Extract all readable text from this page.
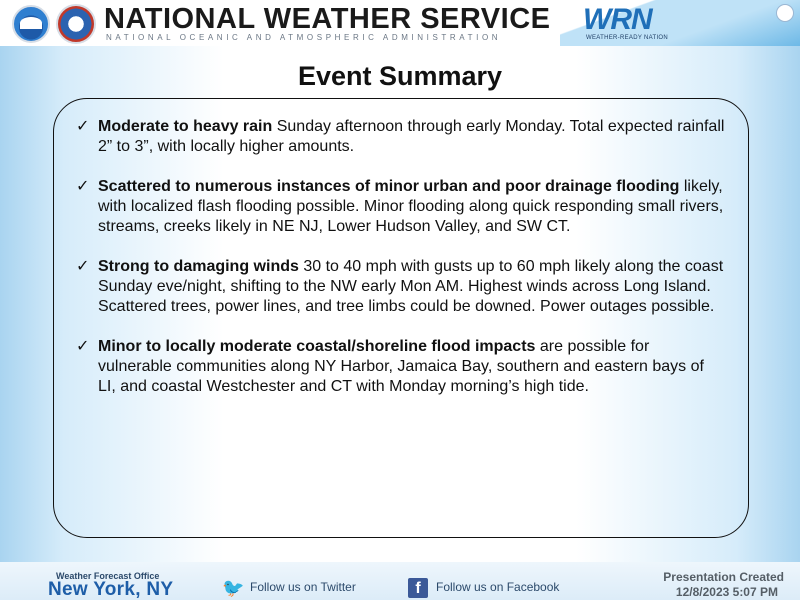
NATIONAL WEATHER SERVICE
NATIONAL OCEANIC AND ATMOSPHERIC ADMINISTRATION
WRN
WEATHER-READY NATION
Event Summary
✓ Moderate to heavy rain Sunday afternoon through early Monday. Total expected rainfall 2” to 3”, with locally higher amounts.
✓ Scattered to numerous instances of minor urban and poor drainage flooding likely, with localized flash flooding possible. Minor flooding along quick responding small rivers, streams, creeks likely in NE NJ, Lower Hudson Valley, and SW CT.
✓ Strong to damaging winds 30 to 40 mph with gusts up to 60 mph likely along the coast Sunday eve/night, shifting to the NW early Mon AM. Highest winds across Long Island. Scattered trees, power lines, and tree limbs could be downed. Power outages possible.
✓ Minor to locally moderate coastal/shoreline flood impacts are possible for vulnerable communities along NY Harbor, Jamaica Bay, southern and eastern bays of LI, and coastal Westchester and CT with Monday morning’s high tide.
Weather Forecast Office
New York, NY	🐦 Follow us on Twitter	f	Follow us on Facebook
Presentation Created
12/8/2023 5:07 PM
